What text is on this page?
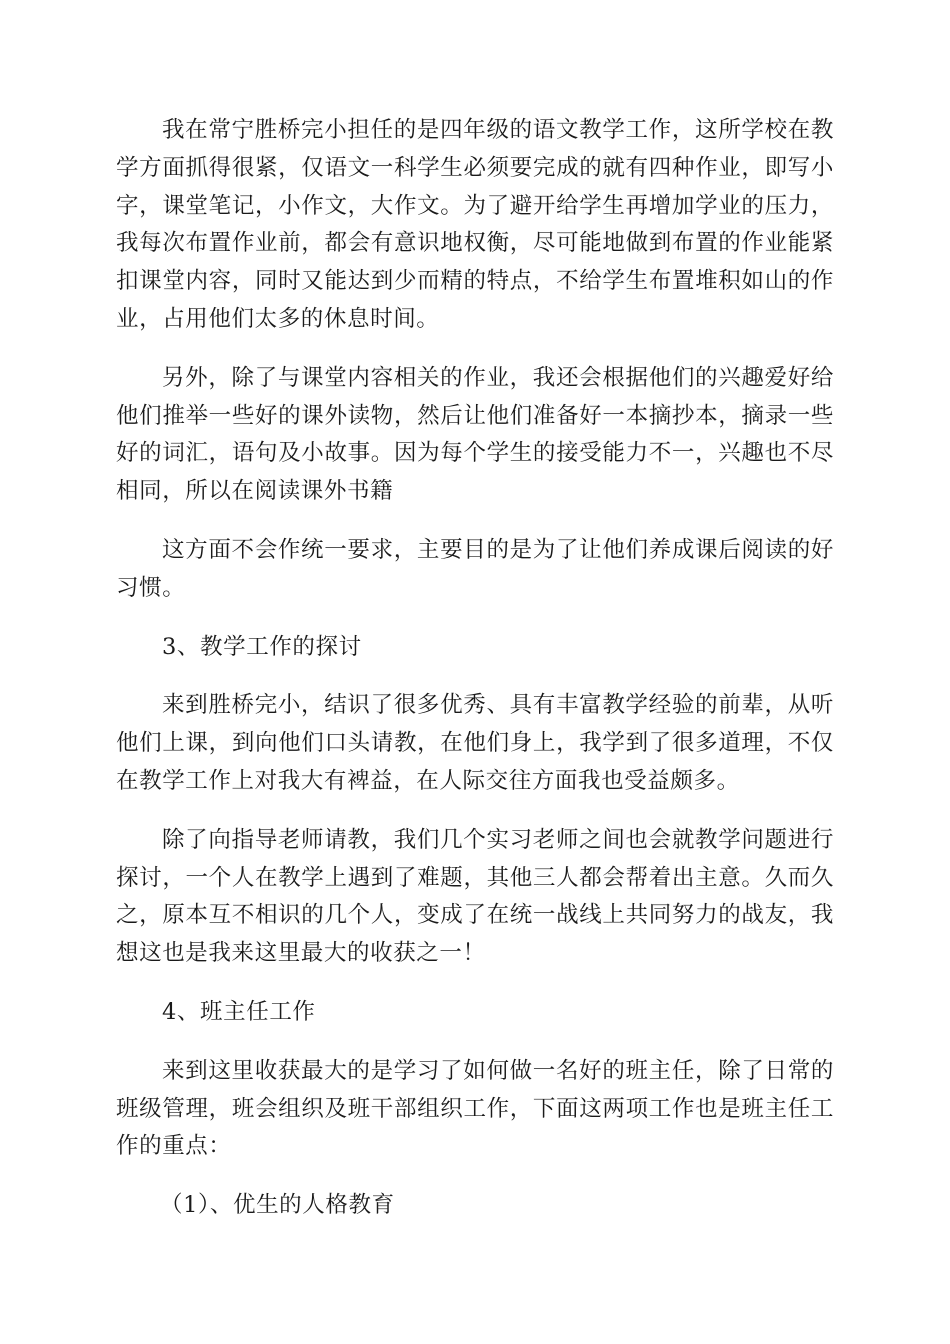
我在常宁胜桥完小担任的是四年级的语文教学工作，这所学校在教学方面抓得很紧，仅语文一科学生必须要完成的就有四种作业，即写小字，课堂笔记，小作文，大作文。为了避开给学生再增加学业的压力，我每次布置作业前，都会有意识地权衡，尽可能地做到布置的作业能紧扣课堂内容，同时又能达到少而精的特点，不给学生布置堆积如山的作业，占用他们太多的休息时间。

另外，除了与课堂内容相关的作业，我还会根据他们的兴趣爱好给他们推举一些好的课外读物，然后让他们准备好一本摘抄本，摘录一些好的词汇，语句及小故事。因为每个学生的接受能力不一，兴趣也不尽相同，所以在阅读课外书籍

这方面不会作统一要求，主要目的是为了让他们养成课后阅读的好习惯。

3、教学工作的探讨

来到胜桥完小，结识了很多优秀、具有丰富教学经验的前辈，从听他们上课，到向他们口头请教，在他们身上，我学到了很多道理，不仅在教学工作上对我大有裨益，在人际交往方面我也受益颇多。

除了向指导老师请教，我们几个实习老师之间也会就教学问题进行探讨，一个人在教学上遇到了难题，其他三人都会帮着出主意。久而久之，原本互不相识的几个人，变成了在统一战线上共同努力的战友，我想这也是我来这里最大的收获之一！

4、班主任工作

来到这里收获最大的是学习了如何做一名好的班主任，除了日常的班级管理，班会组织及班干部组织工作，下面这两项工作也是班主任工作的重点：

（1）、优生的人格教育
